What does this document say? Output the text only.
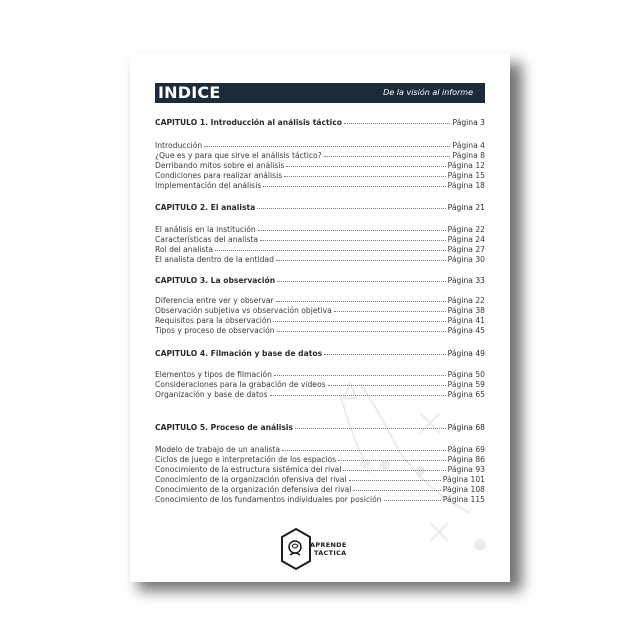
INDICE	De la visión al informe
CAPITULO 1. Introducción al análisis táctico	Página 3
Introducción	Página 4
¿Que es y para que sirve el análisis táctico?	Página 8
Derribando mitos sobre el análisis	Página 12
Condiciones para realizar análisis	Página 15
Implementación del análisis	Página 18
CAPITULO 2. El analista	Página 21
El análisis en la institución	Página 22
Características del analista	Página 24
Rol del analista	Página 27
El analista dentro de la entidad	Página 30
CAPITULO 3. La observación	Página 33
Diferencia entre ver y observar	Página 22
Observación subjetiva vs observación objetiva	Página 38
Requisitos para la observación	Página 41
Tipos y proceso de observación	Página 45
CAPITULO 4. Filmación y base de datos	Página 49
Elementos y tipos de filmación	Página 50
Consideraciones para la grabación de videos	Página 59
Organización y base de datos	Página 65
CAPITULO 5. Proceso de análisis	Página 68
Modelo de trabajo de un analista	Página 69
Ciclos de juego e interpretación de los espacios	Página 86
Conocimiento de la estructura sistémica del rival	Página 93
Conocimiento de la organización ofensiva del rival	Página 101
Conocimiento de la organización defensiva del rival	Página 108
Conocimiento de los fundamentos individuales por posición	Página 115
APRENDE
TACTICA
